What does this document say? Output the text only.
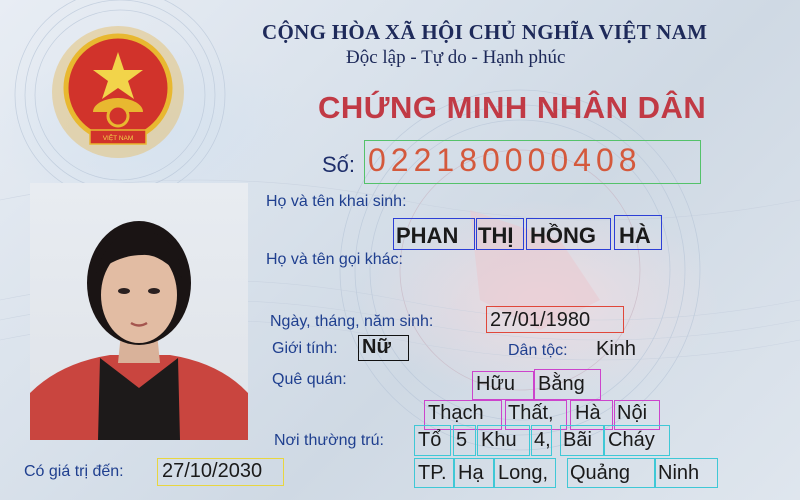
VIỆT NAM
CỘNG HÒA XÃ HỘI CHỦ NGHĨA VIỆT NAM
Độc lập - Tự do - Hạnh phúc
CHỨNG MINH NHÂN DÂN
Số: 022180000408
Họ và tên khai sinh:
PHAN THỊ HỒNG HÀ
Họ và tên gọi khác:
Ngày, tháng, năm sinh:	27/01/1980
Giới tính: Nữ	Dân tộc: Kinh
Quê quán:	Hữu Bằng
Thạch Thất, Hà Nội
Nơi thường trú: Tổ 5 Khu 4, Bãi Cháy
TP. Hạ Long, Quảng Ninh
Có giá trị đến: 27/10/2030
